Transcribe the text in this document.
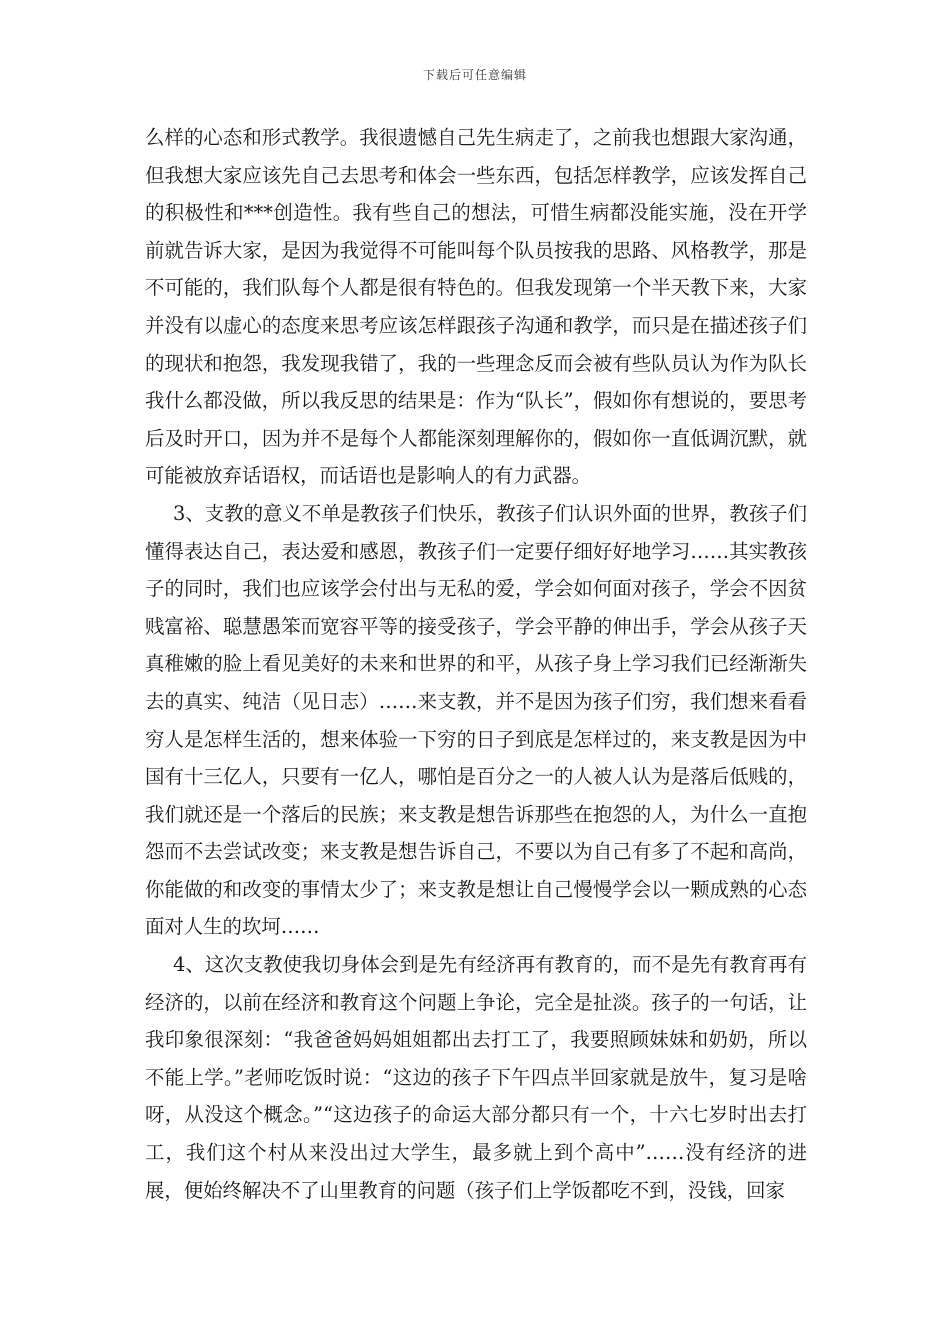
下载后可任意编辑

么样的心态和形式教学。我很遗憾自己先生病走了，之前我也想跟大家沟通，但我想大家应该先自己去思考和体会一些东西，包括怎样教学，应该发挥自己的积极性和***创造性。我有些自己的想法，可惜生病都没能实施，没在开学前就告诉大家，是因为我觉得不可能叫每个队员按我的思路、风格教学，那是不可能的，我们队每个人都是很有特色的。但我发现第一个半天教下来，大家并没有以虚心的态度来思考应该怎样跟孩子沟通和教学，而只是在描述孩子们的现状和抱怨，我发现我错了，我的一些理念反而会被有些队员认为作为队长我什么都没做，所以我反思的结果是：作为“队长”，假如你有想说的，要思考后及时开口，因为并不是每个人都能深刻理解你的，假如你一直低调沉默，就可能被放弃话语权，而话语也是影响人的有力武器。

3、支教的意义不单是教孩子们快乐，教孩子们认识外面的世界，教孩子们懂得表达自己，表达爱和感恩，教孩子们一定要仔细好好地学习……其实教孩子的同时，我们也应该学会付出与无私的爱，学会如何面对孩子，学会不因贫贱富裕、聪慧愚笨而宽容平等的接受孩子，学会平静的伸出手，学会从孩子天真稚嫩的脸上看见美好的未来和世界的和平，从孩子身上学习我们已经渐渐失去的真实、纯洁（见日志）……来支教，并不是因为孩子们穷，我们想来看看穷人是怎样生活的，想来体验一下穷的日子到底是怎样过的，来支教是因为中国有十三亿人，只要有一亿人，哪怕是百分之一的人被人认为是落后低贱的，我们就还是一个落后的民族；来支教是想告诉那些在抱怨的人，为什么一直抱怨而不去尝试改变；来支教是想告诉自己，不要以为自己有多了不起和高尚，你能做的和改变的事情太少了；来支教是想让自己慢慢学会以一颗成熟的心态面对人生的坎坷……

4、这次支教使我切身体会到是先有经济再有教育的，而不是先有教育再有经济的，以前在经济和教育这个问题上争论，完全是扯淡。孩子的一句话，让我印象很深刻：“我爸爸妈妈姐姐都出去打工了，我要照顾妹妹和奶奶，所以不能上学。”老师吃饭时说：“这边的孩子下午四点半回家就是放牛，复习是啥呀，从没这个概念。”“这边孩子的命运大部分都只有一个，十六七岁时出去打工，我们这个村从来没出过大学生，最多就上到个高中”……没有经济的进展，便始终解决不了山里教育的问题（孩子们上学饭都吃不到，没钱，回家
